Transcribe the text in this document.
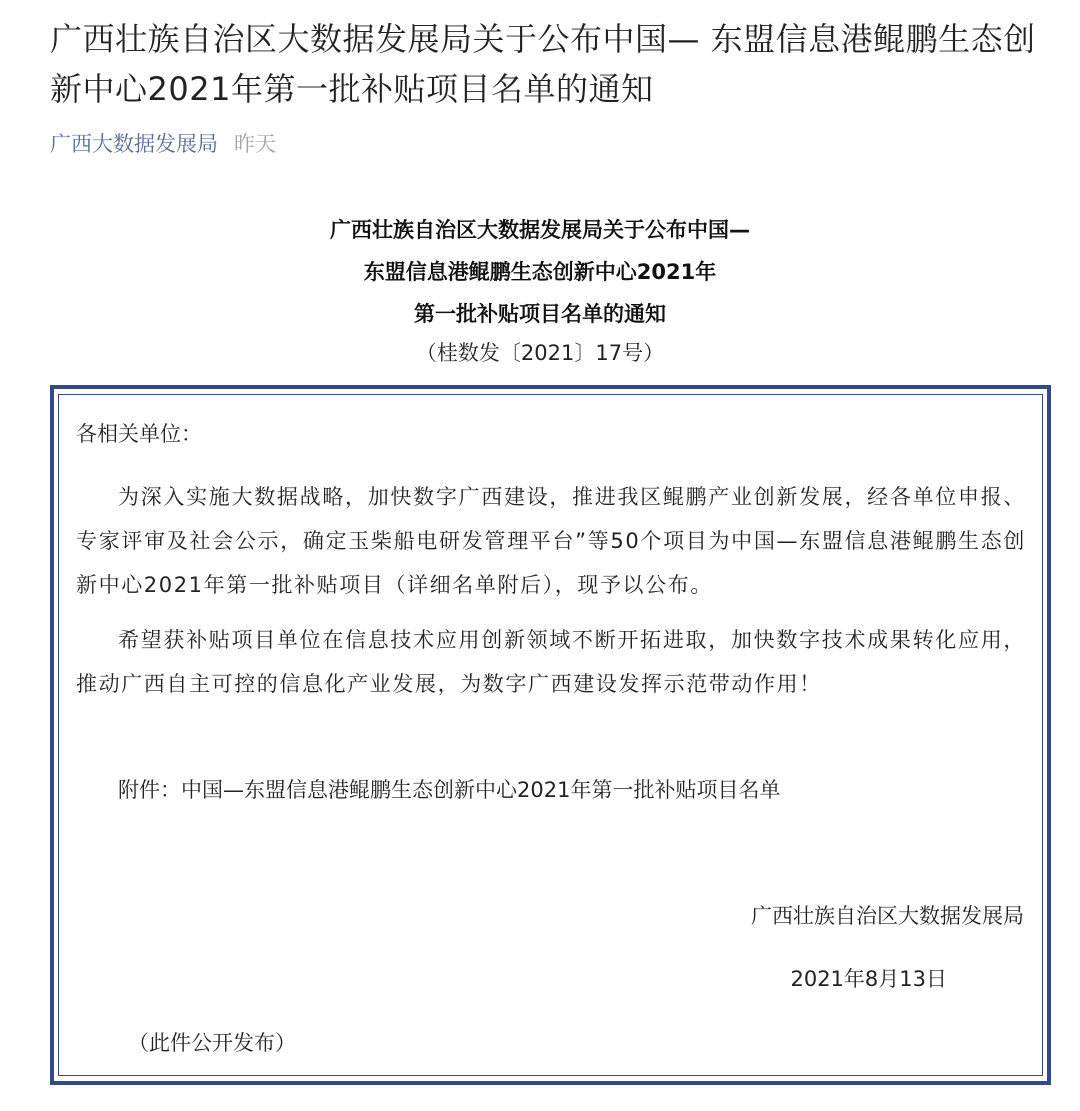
广西壮族自治区大数据发展局关于公布中国— 东盟信息港鲲鹏生态创新中心2021年第一批补贴项目名单的通知
广西大数据发展局 昨天
广西壮族自治区大数据发展局关于公布中国—
东盟信息港鲲鹏生态创新中心2021年
第一批补贴项目名单的通知
（桂数发〔2021〕17号）
各相关单位：
为深入实施大数据战略，加快数字广西建设，推进我区鲲鹏产业创新发展，经各单位申报、专家评审及社会公示，确定玉柴船电研发管理平台”等50个项目为中国—东盟信息港鲲鹏生态创新中心2021年第一批补贴项目（详细名单附后），现予以公布。
希望获补贴项目单位在信息技术应用创新领域不断开拓进取，加快数字技术成果转化应用，推动广西自主可控的信息化产业发展，为数字广西建设发挥示范带动作用！
附件：中国—东盟信息港鲲鹏生态创新中心2021年第一批补贴项目名单
广西壮族自治区大数据发展局
2021年8月13日
（此件公开发布）
